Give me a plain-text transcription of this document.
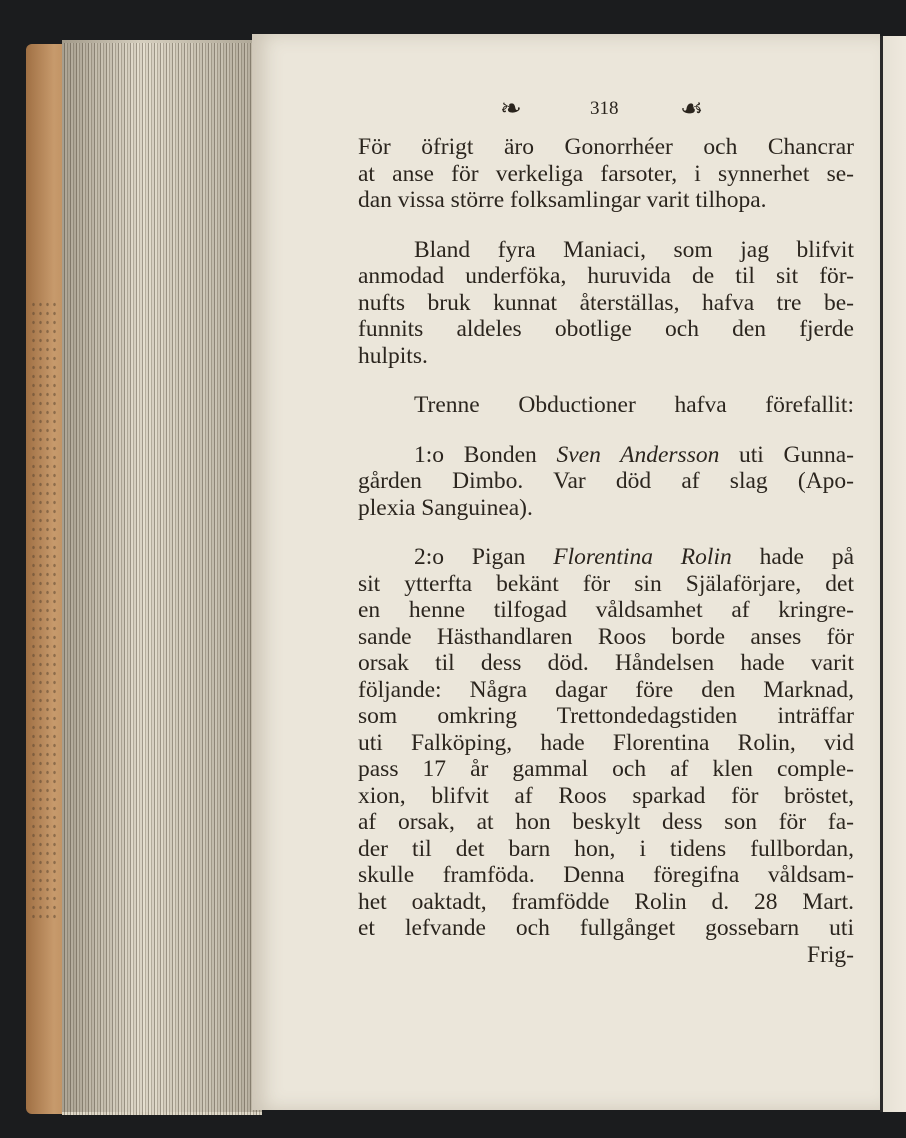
❧	318 ☙
För öfrigt äro Gonorrhéer och Chancrar
at anse för verkeliga farsoter, i synnerhet se-
dan vissa större folksamlingar varit tilhopa.
Bland fyra Maniaci, som jag blifvit
anmodad underföka, huruvida de til sit för-
nufts bruk kunnat återställas, hafva tre be-
funnits aldeles obotlige och den fjerde
hulpits.
Trenne Obductioner hafva förefallit:
1:o Bonden Sven Andersson uti Gunna-
gården Dimbo. Var död af slag (Apo-
plexia Sanguinea).
2:o Pigan Florentina Rolin hade på
sit ytterfta bekänt för sin Själaförjare, det
en henne tilfogad våldsamhet af kringre-
sande Hästhandlaren Roos borde anses för
orsak til dess död. Håndelsen hade varit
följande: Några dagar före den Marknad,
som omkring Trettondedagstiden inträffar
uti Falköping, hade Florentina Rolin, vid
pass 17 år gammal och af klen comple-
xion, blifvit af Roos sparkad för bröstet,
af orsak, at hon beskylt dess son för fa-
der til det barn hon, i tidens fullbordan,
skulle framföda. Denna föregifna våldsam-
het oaktadt, framfödde Rolin d. 28 Mart.
et lefvande och fullgånget gossebarn uti
Frig-
